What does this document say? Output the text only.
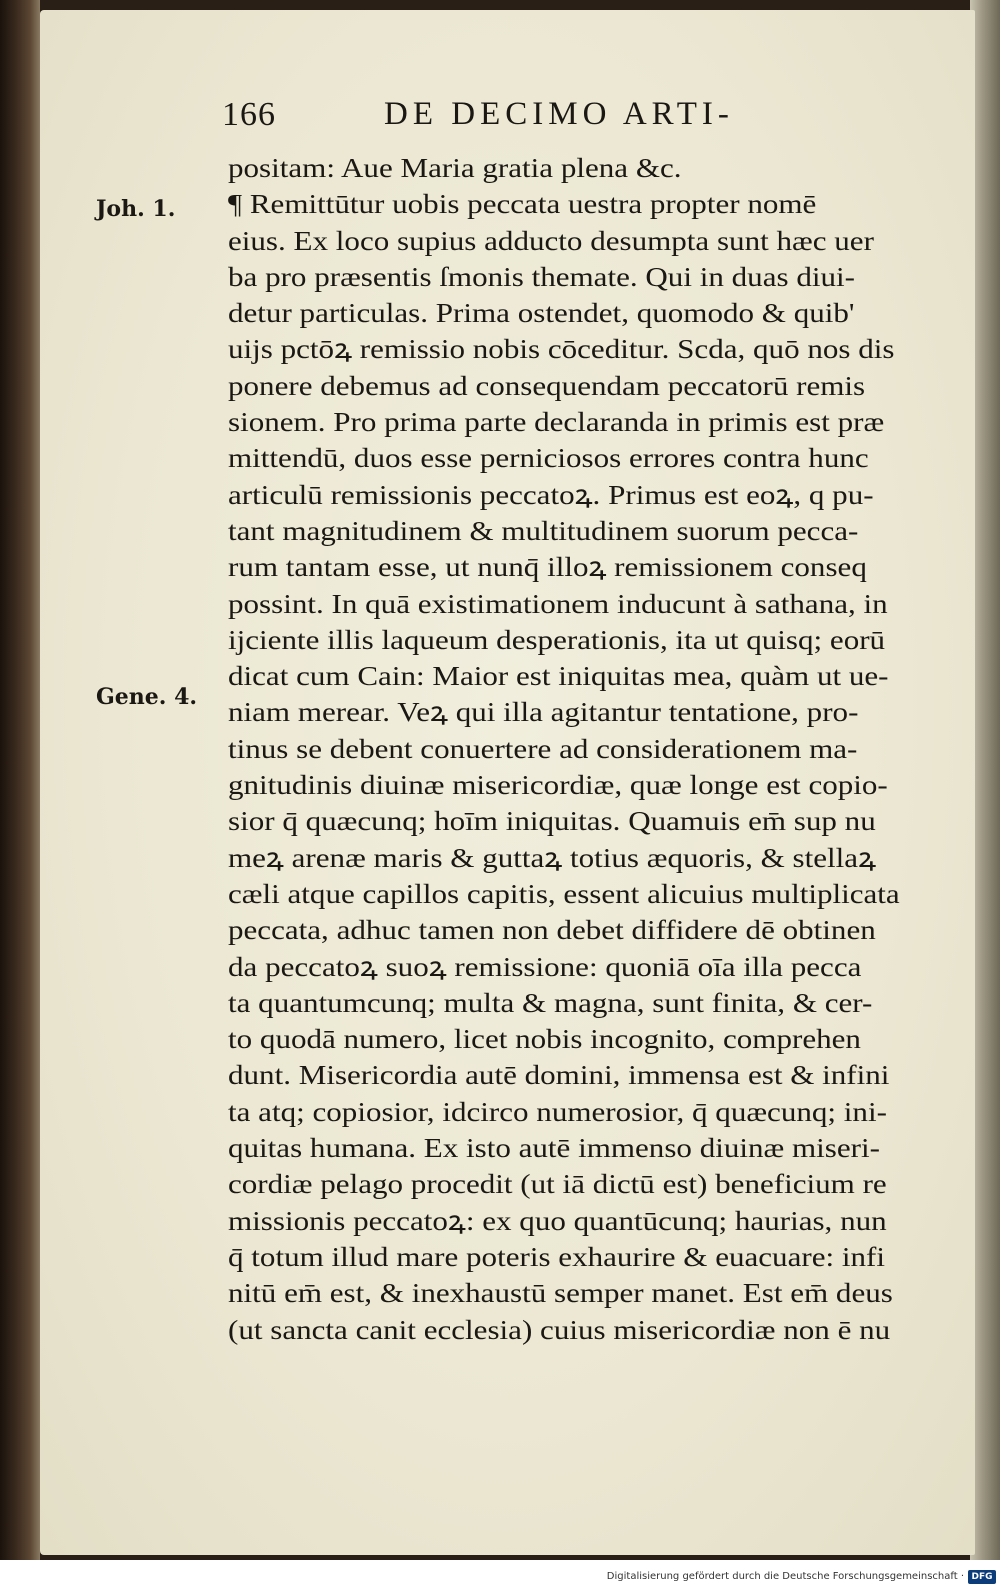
166	DE DECIMO ARTI-
Joh. 1.
Gene. 4.
positam: Aue Maria gratia plena &c.
¶ Remittūtur uobis peccata uestra propter nomē
eius. Ex loco supius adducto desumpta sunt hæc uer
ba pro præsentis ſmonis themate. Qui in duas diui-
detur particulas. Prima ostendet, quomodo & quib'
uijs pctōꝝ remissio nobis cōceditur. Scda, quō nos dis
ponere debemus ad consequendam peccatorū remis
sionem. Pro prima parte declaranda in primis est præ
mittendū, duos esse perniciosos errores contra hunc
articulū remissionis peccatoꝝ. Primus est eoꝝ, q pu-
tant magnitudinem & multitudinem suorum pecca-
rum tantam esse, ut nunq̄ illoꝝ remissionem conseq
possint. In quā existimationem inducunt à sathana, in
ijciente illis laqueum desperationis, ita ut quisq; eorū
dicat cum Cain: Maior est iniquitas mea, quàm ut ue-
niam merear. Veꝝ qui illa agitantur tentatione, pro-
tinus se debent conuertere ad considerationem ma-
gnitudinis diuinæ misericordiæ, quæ longe est copio-
sior q̄ quæcunq; hoīm iniquitas. Quamuis em̄ sup nu
meꝝ arenæ maris & guttaꝝ totius æquoris, & stellaꝝ
cæli atque capillos capitis, essent alicuius multiplicata
peccata, adhuc tamen non debet diffidere dē obtinen
da peccatoꝝ suoꝝ remissione: quoniā oīa illa pecca
ta quantumcunq; multa & magna, sunt finita, & cer-
to quodā numero, licet nobis incognito, comprehen
dunt. Misericordia autē domini, immensa est & infini
ta atq; copiosior, idcirco numerosior, q̄ quæcunq; ini-
quitas humana. Ex isto autē immenso diuinæ miseri-
cordiæ pelago procedit (ut iā dictū est) beneficium re
missionis peccatoꝝ: ex quo quantūcunq; haurias, nun
q̄ totum illud mare poteris exhaurire & euacuare: infi
nitū em̄ est, & inexhaustū semper manet. Est em̄ deus
(ut sancta canit ecclesia) cuius misericordiæ non ē nu
Digitalisierung gefördert durch die Deutsche Forschungsgemeinschaft · DFG
